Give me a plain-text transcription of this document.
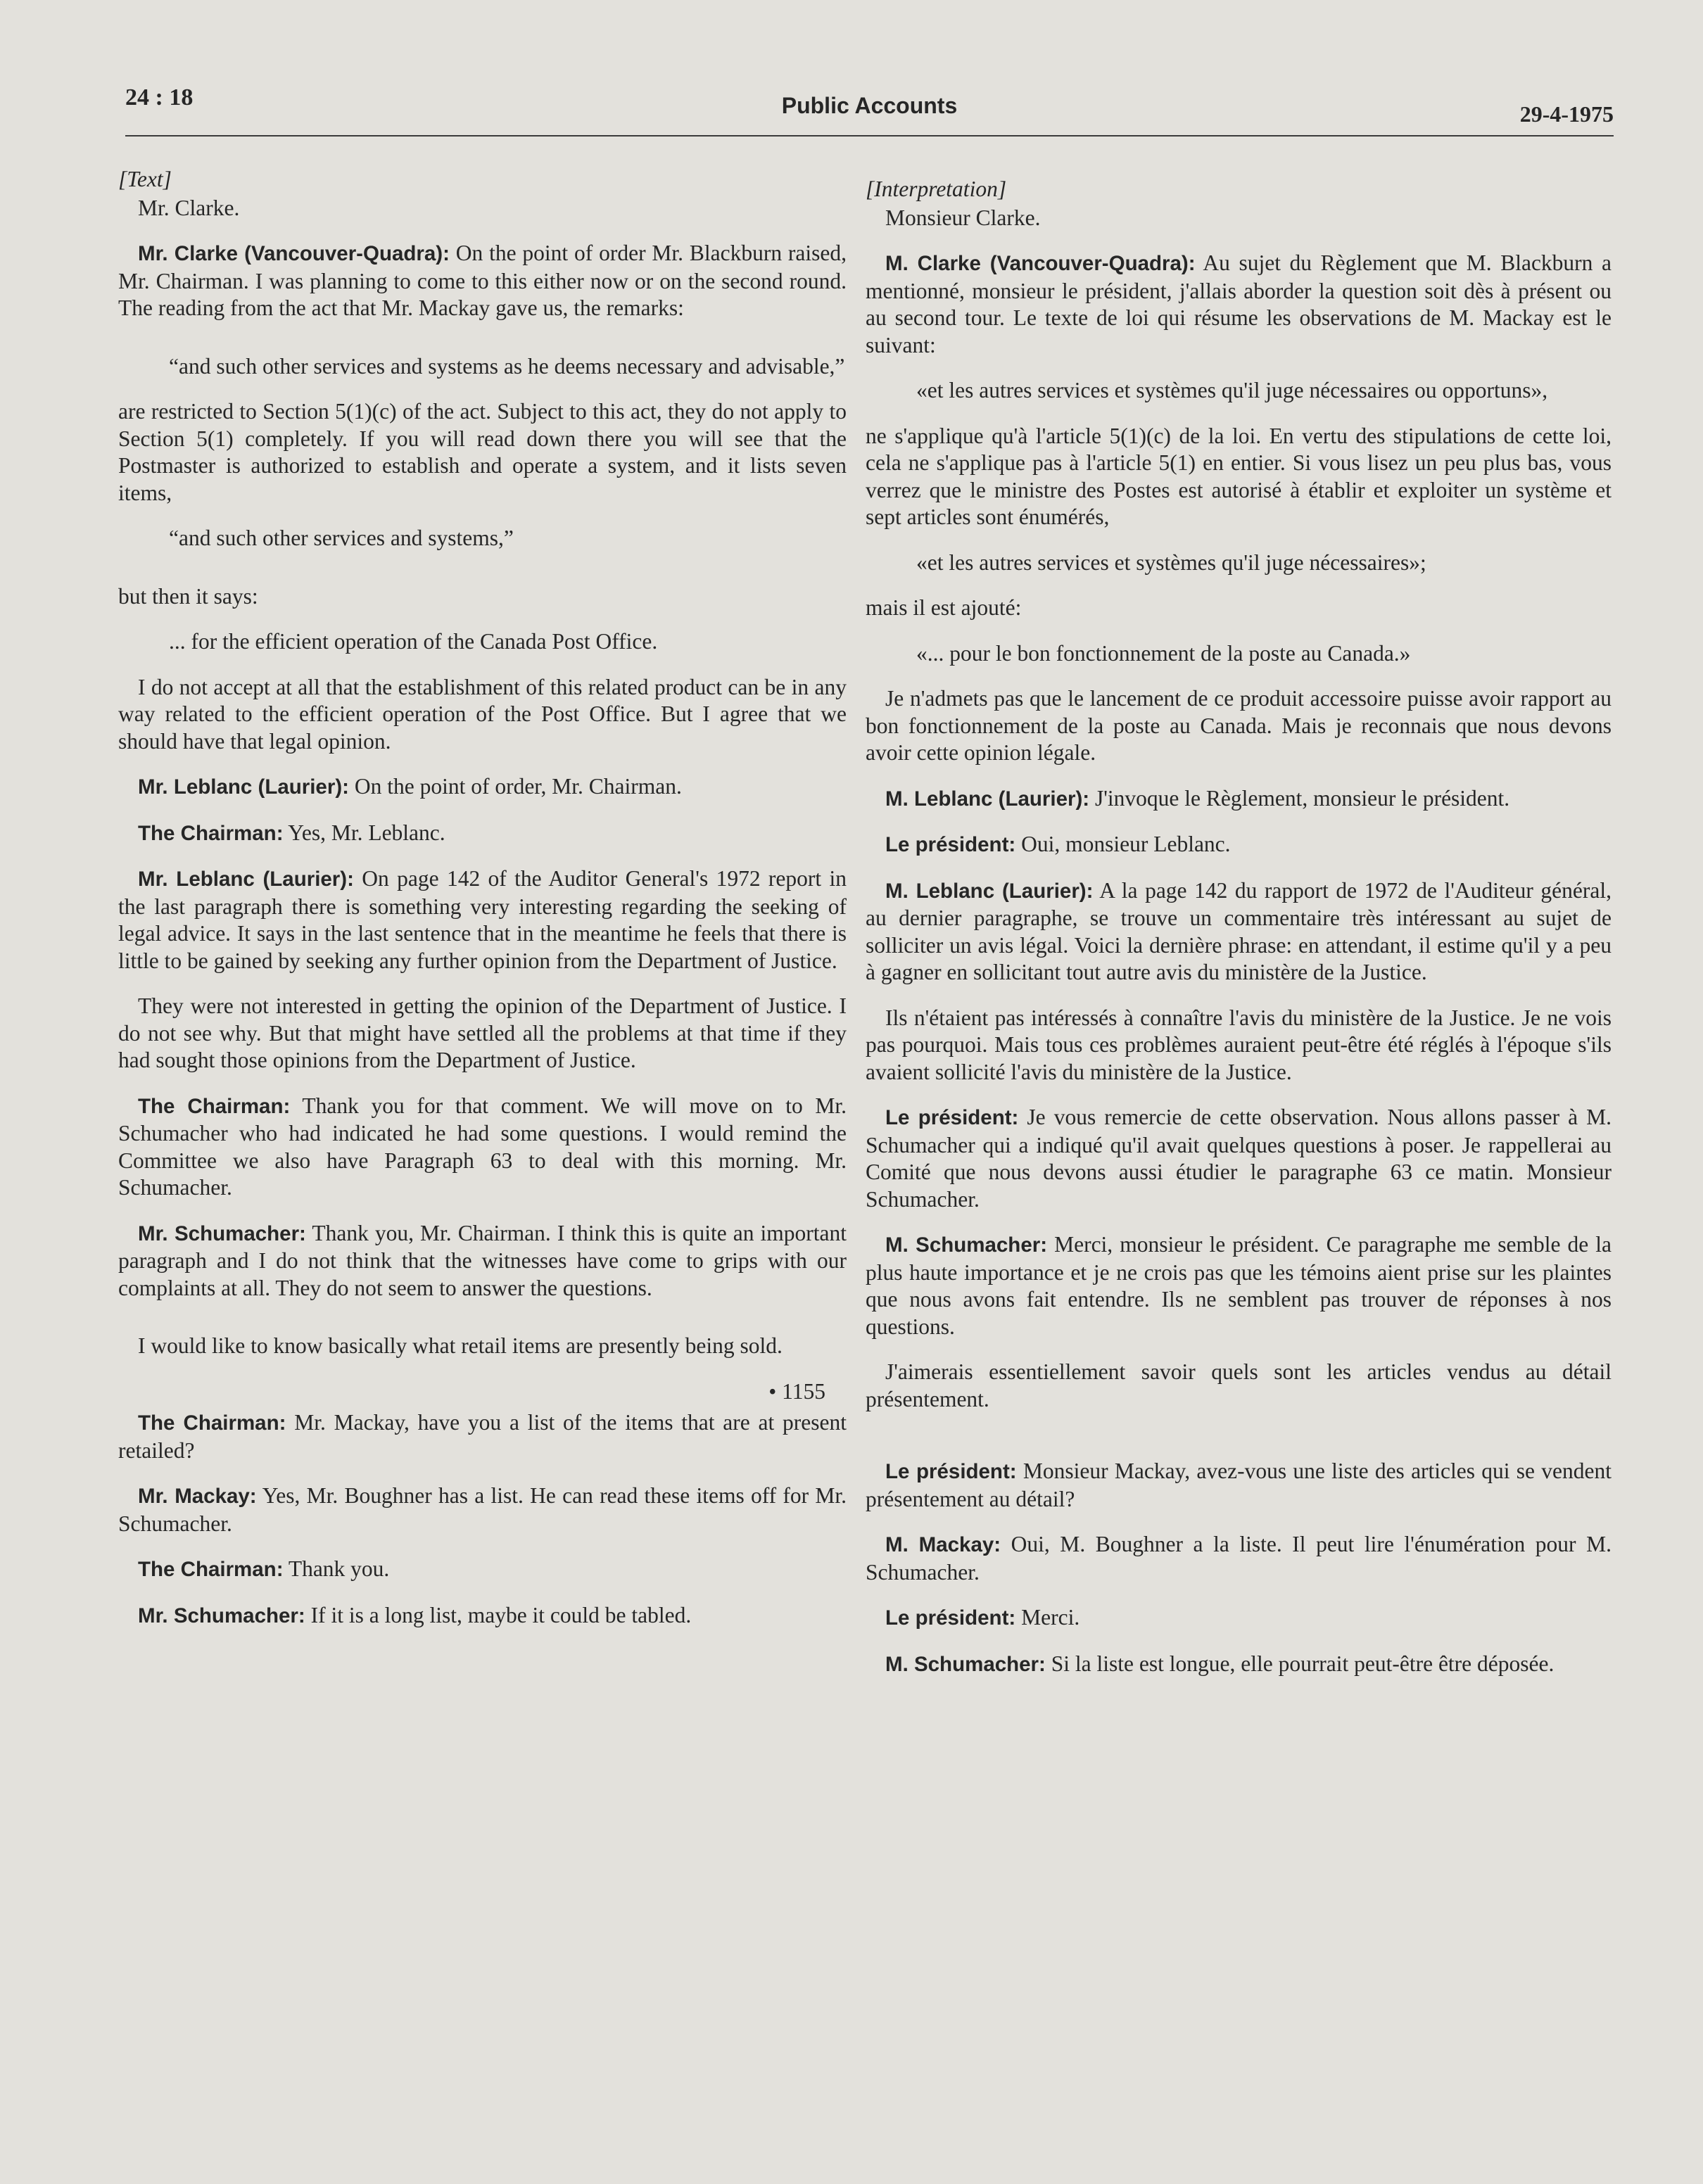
24 : 18	Public Accounts	29-4-1975

[Text]

Mr. Clarke.

Mr. Clarke (Vancouver-Quadra): On the point of order Mr. Blackburn raised, Mr. Chairman. I was planning to come to this either now or on the second round. The reading from the act that Mr. Mackay gave us, the remarks:

“and such other services and systems as he deems necessary and advisable,”

are restricted to Section 5(1)(c) of the act. Subject to this act, they do not apply to Section 5(1) completely. If you will read down there you will see that the Postmaster is authorized to establish and operate a system, and it lists seven items,

“and such other services and systems,”

but then it says:

... for the efficient operation of the Canada Post Office.

I do not accept at all that the establishment of this related product can be in any way related to the efficient operation of the Post Office. But I agree that we should have that legal opinion.

Mr. Leblanc (Laurier): On the point of order, Mr. Chairman.

The Chairman: Yes, Mr. Leblanc.

Mr. Leblanc (Laurier): On page 142 of the Auditor General's 1972 report in the last paragraph there is something very interesting regarding the seeking of legal advice. It says in the last sentence that in the meantime he feels that there is little to be gained by seeking any further opinion from the Department of Justice.

They were not interested in getting the opinion of the Department of Justice. I do not see why. But that might have settled all the problems at that time if they had sought those opinions from the Department of Justice.

The Chairman: Thank you for that comment. We will move on to Mr. Schumacher who had indicated he had some questions. I would remind the Committee we also have Paragraph 63 to deal with this morning. Mr. Schumacher.

Mr. Schumacher: Thank you, Mr. Chairman. I think this is quite an important paragraph and I do not think that the witnesses have come to grips with our complaints at all. They do not seem to answer the questions.

I would like to know basically what retail items are presently being sold.

• 1155

The Chairman: Mr. Mackay, have you a list of the items that are at present retailed?

Mr. Mackay: Yes, Mr. Boughner has a list. He can read these items off for Mr. Schumacher.

The Chairman: Thank you.

Mr. Schumacher: If it is a long list, maybe it could be tabled.

[Interpretation]

Monsieur Clarke.

M. Clarke (Vancouver-Quadra): Au sujet du Règlement que M. Blackburn a mentionné, monsieur le président, j'allais aborder la question soit dès à présent ou au second tour. Le texte de loi qui résume les observations de M. Mackay est le suivant:

«et les autres services et systèmes qu'il juge nécessaires ou opportuns»,

ne s'applique qu'à l'article 5(1)(c) de la loi. En vertu des stipulations de cette loi, cela ne s'applique pas à l'article 5(1) en entier. Si vous lisez un peu plus bas, vous verrez que le ministre des Postes est autorisé à établir et exploiter un système et sept articles sont énumérés,

«et les autres services et systèmes qu'il juge nécessaires»;

mais il est ajouté:

«... pour le bon fonctionnement de la poste au Canada.»

Je n'admets pas que le lancement de ce produit accessoire puisse avoir rapport au bon fonctionnement de la poste au Canada. Mais je reconnais que nous devons avoir cette opinion légale.

M. Leblanc (Laurier): J'invoque le Règlement, monsieur le président.

Le président: Oui, monsieur Leblanc.

M. Leblanc (Laurier): A la page 142 du rapport de 1972 de l'Auditeur général, au dernier paragraphe, se trouve un commentaire très intéressant au sujet de solliciter un avis légal. Voici la dernière phrase: en attendant, il estime qu'il y a peu à gagner en sollicitant tout autre avis du ministère de la Justice.

Ils n'étaient pas intéressés à connaître l'avis du ministère de la Justice. Je ne vois pas pourquoi. Mais tous ces problèmes auraient peut-être été réglés à l'époque s'ils avaient sollicité l'avis du ministère de la Justice.

Le président: Je vous remercie de cette observation. Nous allons passer à M. Schumacher qui a indiqué qu'il avait quelques questions à poser. Je rappellerai au Comité que nous devons aussi étudier le paragraphe 63 ce matin. Monsieur Schumacher.

M. Schumacher: Merci, monsieur le président. Ce paragraphe me semble de la plus haute importance et je ne crois pas que les témoins aient prise sur les plaintes que nous avons fait entendre. Ils ne semblent pas trouver de réponses à nos questions.

J'aimerais essentiellement savoir quels sont les articles vendus au détail présentement.

Le président: Monsieur Mackay, avez-vous une liste des articles qui se vendent présentement au détail?

M. Mackay: Oui, M. Boughner a la liste. Il peut lire l'énumération pour M. Schumacher.

Le président: Merci.

M. Schumacher: Si la liste est longue, elle pourrait peut-être être déposée.
